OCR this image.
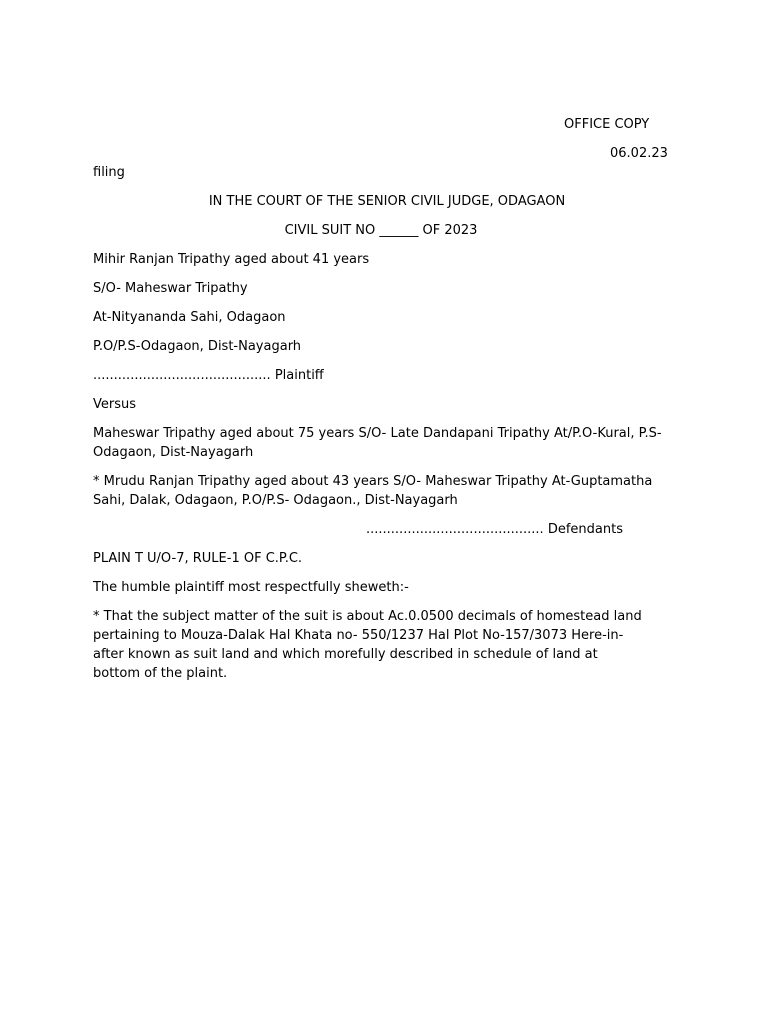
OFFICE COPY
06.02.23
filing
IN THE COURT OF THE SENIOR CIVIL JUDGE, ODAGAON
CIVIL SUIT NO ______ OF 2023
Mihir Ranjan Tripathy aged about 41 years
S/O- Maheswar Tripathy
At-Nityananda Sahi, Odagaon
P.O/P.S-Odagaon, Dist-Nayagarh
........................................... Plaintiff
Versus
Maheswar Tripathy aged about 75 years S/O- Late Dandapani Tripathy At/P.O-Kural, P.S-Odagaon, Dist-Nayagarh
* Mrudu Ranjan Tripathy aged about 43 years S/O- Maheswar Tripathy At-Guptamatha Sahi, Dalak, Odagaon, P.O/P.S- Odagaon., Dist-Nayagarh
........................................... Defendants
PLAIN T U/O-7, RULE-1 OF C.P.C.
The humble plaintiff most respectfully sheweth:-
* That the subject matter of the suit is about Ac.0.0500 decimals of homestead land pertaining to Mouza-Dalak Hal Khata no- 550/1237 Hal Plot No-157/3073 Here-in-after known as suit land and which morefully described in schedule of land at bottom of the plaint.
